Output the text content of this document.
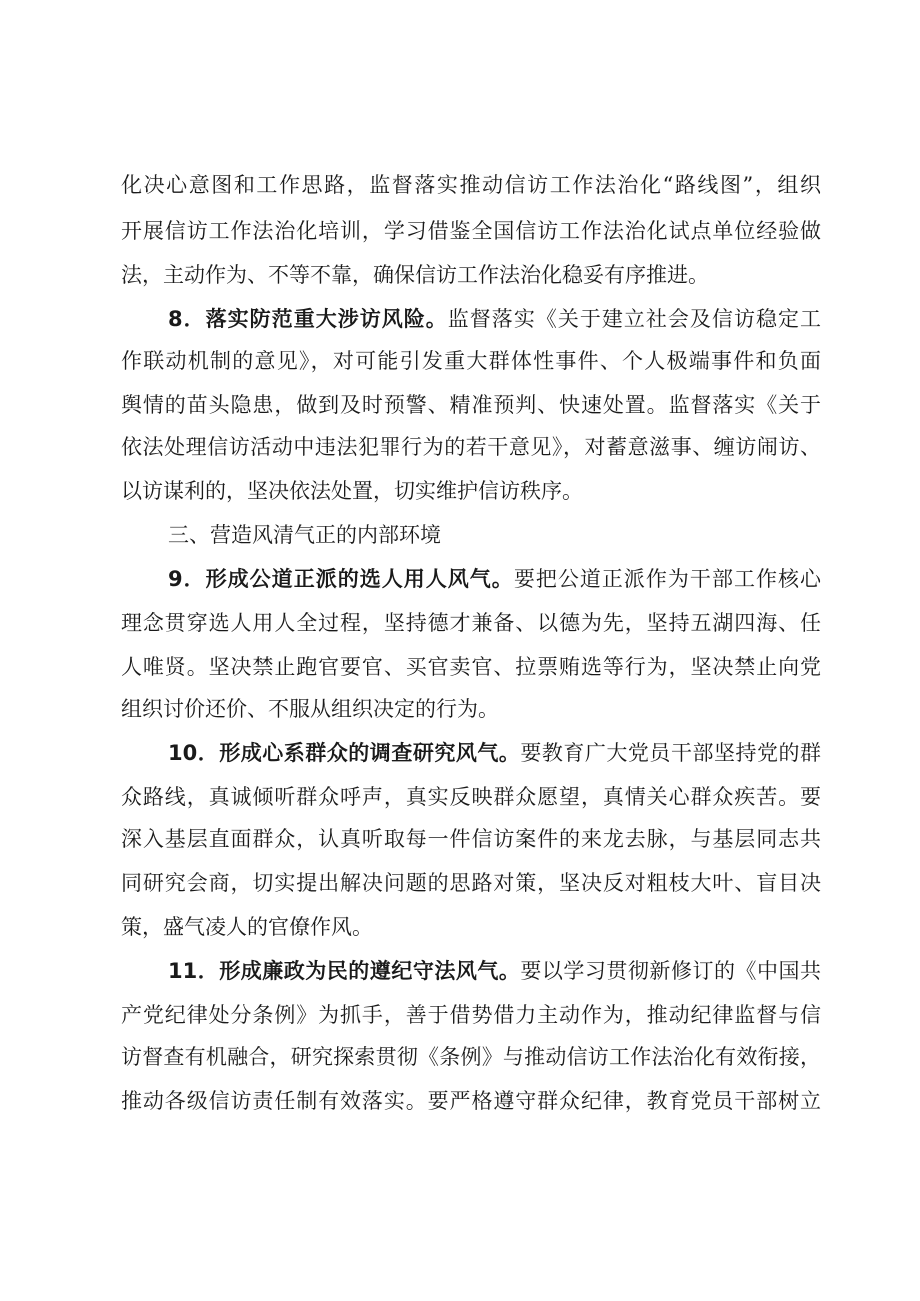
化决心意图和工作思路，监督落实推动信访工作法治化“路线图”，组织
开展信访工作法治化培训，学习借鉴全国信访工作法治化试点单位经验做
法，主动作为、不等不靠，确保信访工作法治化稳妥有序推进。
8．落实防范重大涉访风险。监督落实《关于建立社会及信访稳定工
作联动机制的意见》，对可能引发重大群体性事件、个人极端事件和负面
舆情的苗头隐患，做到及时预警、精准预判、快速处置。监督落实《关于
依法处理信访活动中违法犯罪行为的若干意见》，对蓄意滋事、缠访闹访、
以访谋利的，坚决依法处置，切实维护信访秩序。
三、营造风清气正的内部环境
9．形成公道正派的选人用人风气。要把公道正派作为干部工作核心
理念贯穿选人用人全过程，坚持德才兼备、以德为先，坚持五湖四海、任
人唯贤。坚决禁止跑官要官、买官卖官、拉票贿选等行为，坚决禁止向党
组织讨价还价、不服从组织决定的行为。
10．形成心系群众的调查研究风气。要教育广大党员干部坚持党的群
众路线，真诚倾听群众呼声，真实反映群众愿望，真情关心群众疾苦。要
深入基层直面群众，认真听取每一件信访案件的来龙去脉，与基层同志共
同研究会商，切实提出解决问题的思路对策，坚决反对粗枝大叶、盲目决
策，盛气凌人的官僚作风。
11．形成廉政为民的遵纪守法风气。要以学习贯彻新修订的《中国共
产党纪律处分条例》为抓手，善于借势借力主动作为，推动纪律监督与信
访督查有机融合，研究探索贯彻《条例》与推动信访工作法治化有效衔接，
推动各级信访责任制有效落实。要严格遵守群众纪律，教育党员干部树立
